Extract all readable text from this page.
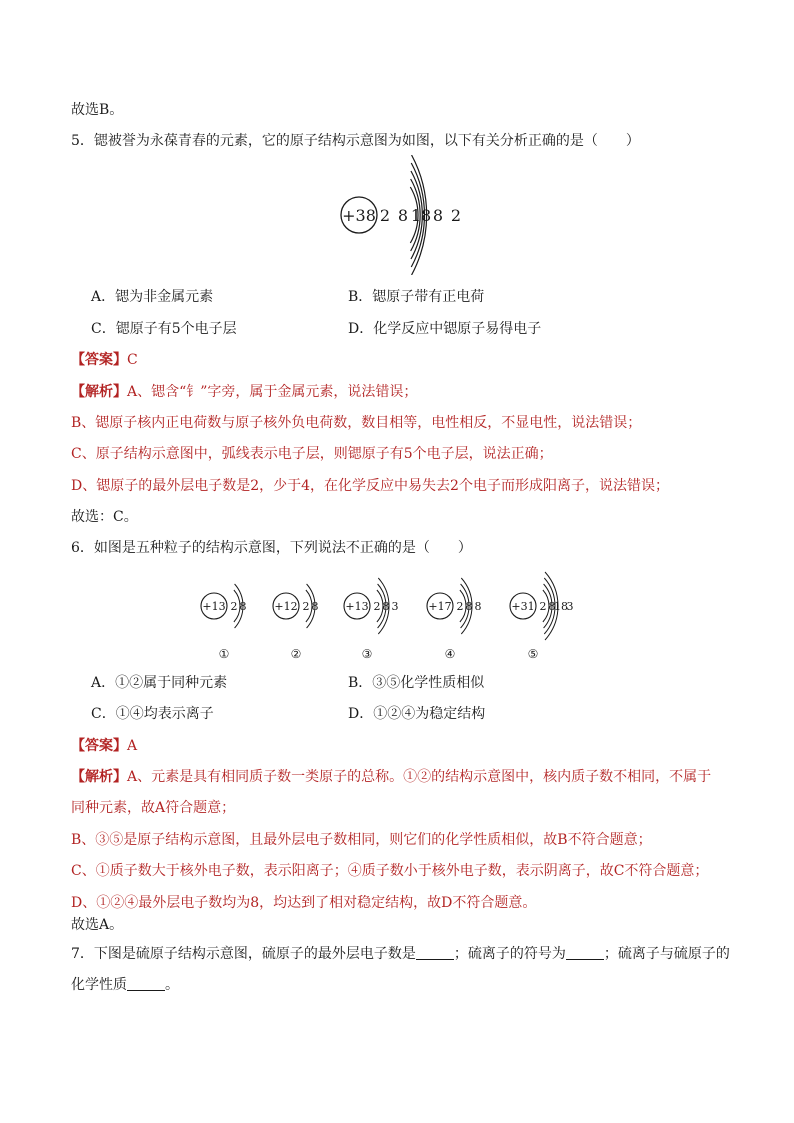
故选B。
5．锶被誉为永葆青春的元素，它的原子结构示意图为如图，以下有关分析正确的是（　　）
+38 2 8 18 8 2
A．锶为非金属元素	B．锶原子带有正电荷
C．锶原子有5个电子层	D．化学反应中锶原子易得电子
【答案】C
【解析】A、锶含“钅”字旁，属于金属元素，说法错误；
B、锶原子核内正电荷数与原子核外负电荷数，数目相等，电性相反，不显电性，说法错误；
C、原子结构示意图中，弧线表示电子层，则锶原子有5个电子层，说法正确；
D、锶原子的最外层电子数是2，少于4，在化学反应中易失去2个电子而形成阳离子，说法错误；
故选：C。
6．如图是五种粒子的结构示意图，下列说法不正确的是（　　）
+13 2 8
①
+12 2 8
②
+13 2 8 3
③
+17 2 8 8
④
+31 2 8
18
3
⑤
A．①②属于同种元素	B．③⑤化学性质相似
C．①④均表示离子	D．①②④为稳定结构
【答案】A
【解析】A、元素是具有相同质子数一类原子的总称。①②的结构示意图中，核内质子数不相同，不属于
同种元素，故A符合题意；
B、③⑤是原子结构示意图，且最外层电子数相同，则它们的化学性质相似，故B不符合题意；
C、①质子数大于核外电子数，表示阳离子；④质子数小于核外电子数，表示阴离子，故C不符合题意；
D、①②④最外层电子数均为8，均达到了相对稳定结构，故D不符合题意。
故选A。
7．下图是硫原子结构示意图，硫原子的最外层电子数是	；硫离子的符号为	；硫离子与硫原子的
化学性质	。
